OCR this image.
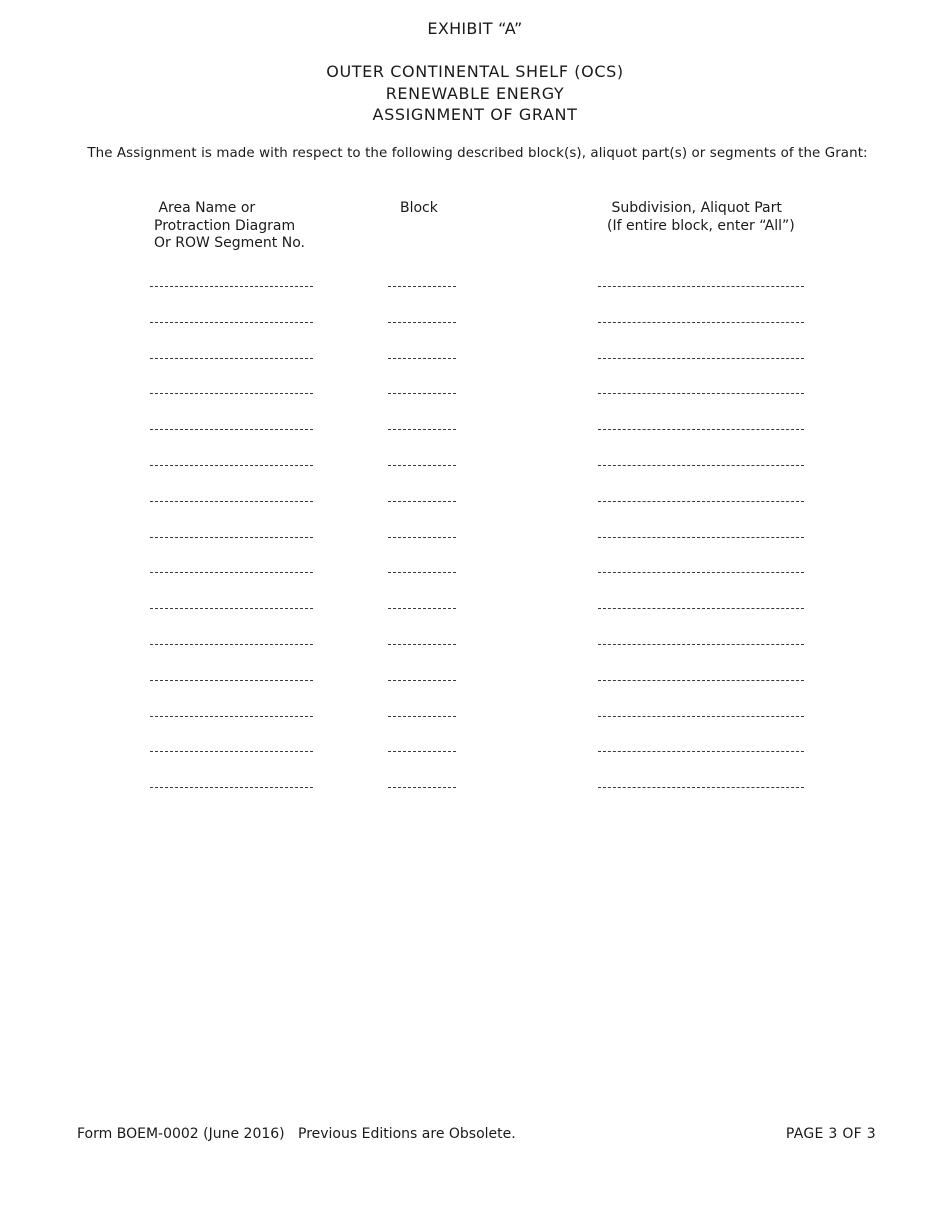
EXHIBIT “A”
OUTER CONTINENTAL SHELF (OCS)
RENEWABLE ENERGY
ASSIGNMENT OF GRANT
The Assignment is made with respect to the following described block(s), aliquot part(s) or segments of the Grant:
Area Name or
Protraction Diagram
Or ROW Segment No.
Block	Subdivision, Aliquot Part
(If entire block, enter “All”)
Form BOEM-0002 (June 2016)   Previous Editions are Obsolete.	PAGE 3 OF 3
